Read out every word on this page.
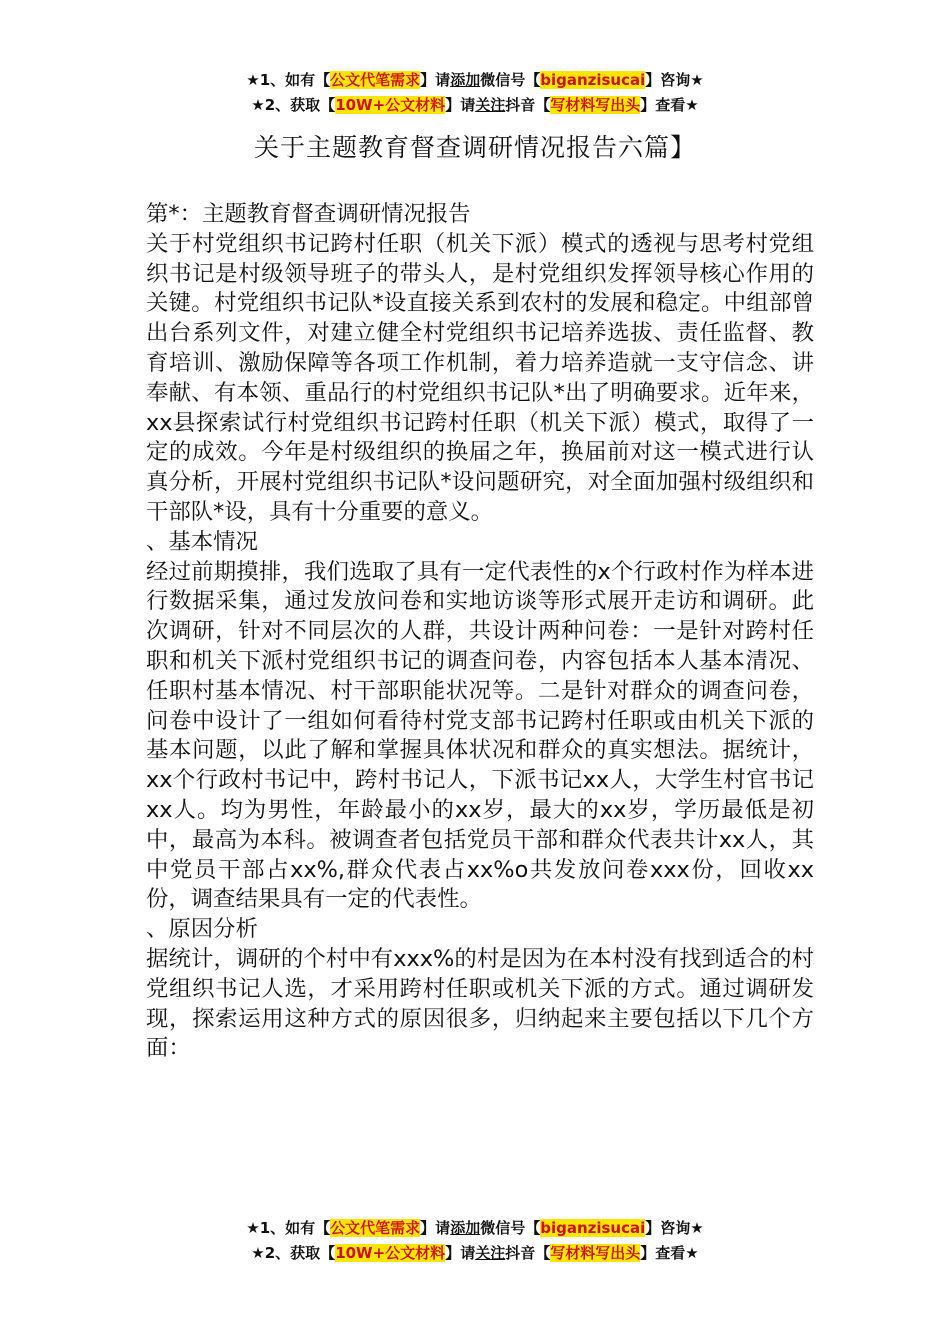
★1、如有【公文代笔需求】请添加微信号【biganzisucai】咨询★
★2、获取【10W+公文材料】请关注抖音【写材料写出头】查看★
关于主题教育督查调研情况报告六篇】

第*：主题教育督查调研情况报告

关于村党组织书记跨村任职（机关下派）模式的透视与思考村党组织书记是村级领导班子的带头人，是村党组织发挥领导核心作用的关键。村党组织书记队*设直接关系到农村的发展和稳定。中组部曾出台系列文件，对建立健全村党组织书记培养选拔、责任监督、教育培训、激励保障等各项工作机制，着力培养造就一支守信念、讲奉献、有本领、重品行的村党组织书记队*出了明确要求。近年来，xx县探索试行村党组织书记跨村任职（机关下派）模式，取得了一定的成效。今年是村级组织的换届之年，换届前对这一模式进行认真分析，开展村党组织书记队*设问题研究，对全面加强村级组织和干部队*设，具有十分重要的意义。

、基本情况

经过前期摸排，我们选取了具有一定代表性的x个行政村作为样本进行数据采集，通过发放问卷和实地访谈等形式展开走访和调研。此次调研，针对不同层次的人群，共设计两种问卷：一是针对跨村任职和机关下派村党组织书记的调查问卷，内容包括本人基本清况、任职村基本情况、村干部职能状况等。二是针对群众的调查问卷，问卷中设计了一组如何看待村党支部书记跨村任职或由机关下派的基本问题，以此了解和掌握具体状况和群众的真实想法。据统计，xx个行政村书记中，跨村书记人，下派书记xx人，大学生村官书记xx人。均为男性，年龄最小的xx岁，最大的xx岁，学历最低是初中，最高为本科。被调查者包括党员干部和群众代表共计xx人，其中党员干部占xx%,群众代表占xx%o共发放问卷xxx份，回收xx份，调查结果具有一定的代表性。

、原因分析

据统计，调研的个村中有xxx%的村是因为在本村没有找到适合的村党组织书记人选，才采用跨村任职或机关下派的方式。通过调研发现，探索运用这种方式的原因很多，归纳起来主要包括以下几个方面：

★1、如有【公文代笔需求】请添加微信号【biganzisucai】咨询★
★2、获取【10W+公文材料】请关注抖音【写材料写出头】查看★
